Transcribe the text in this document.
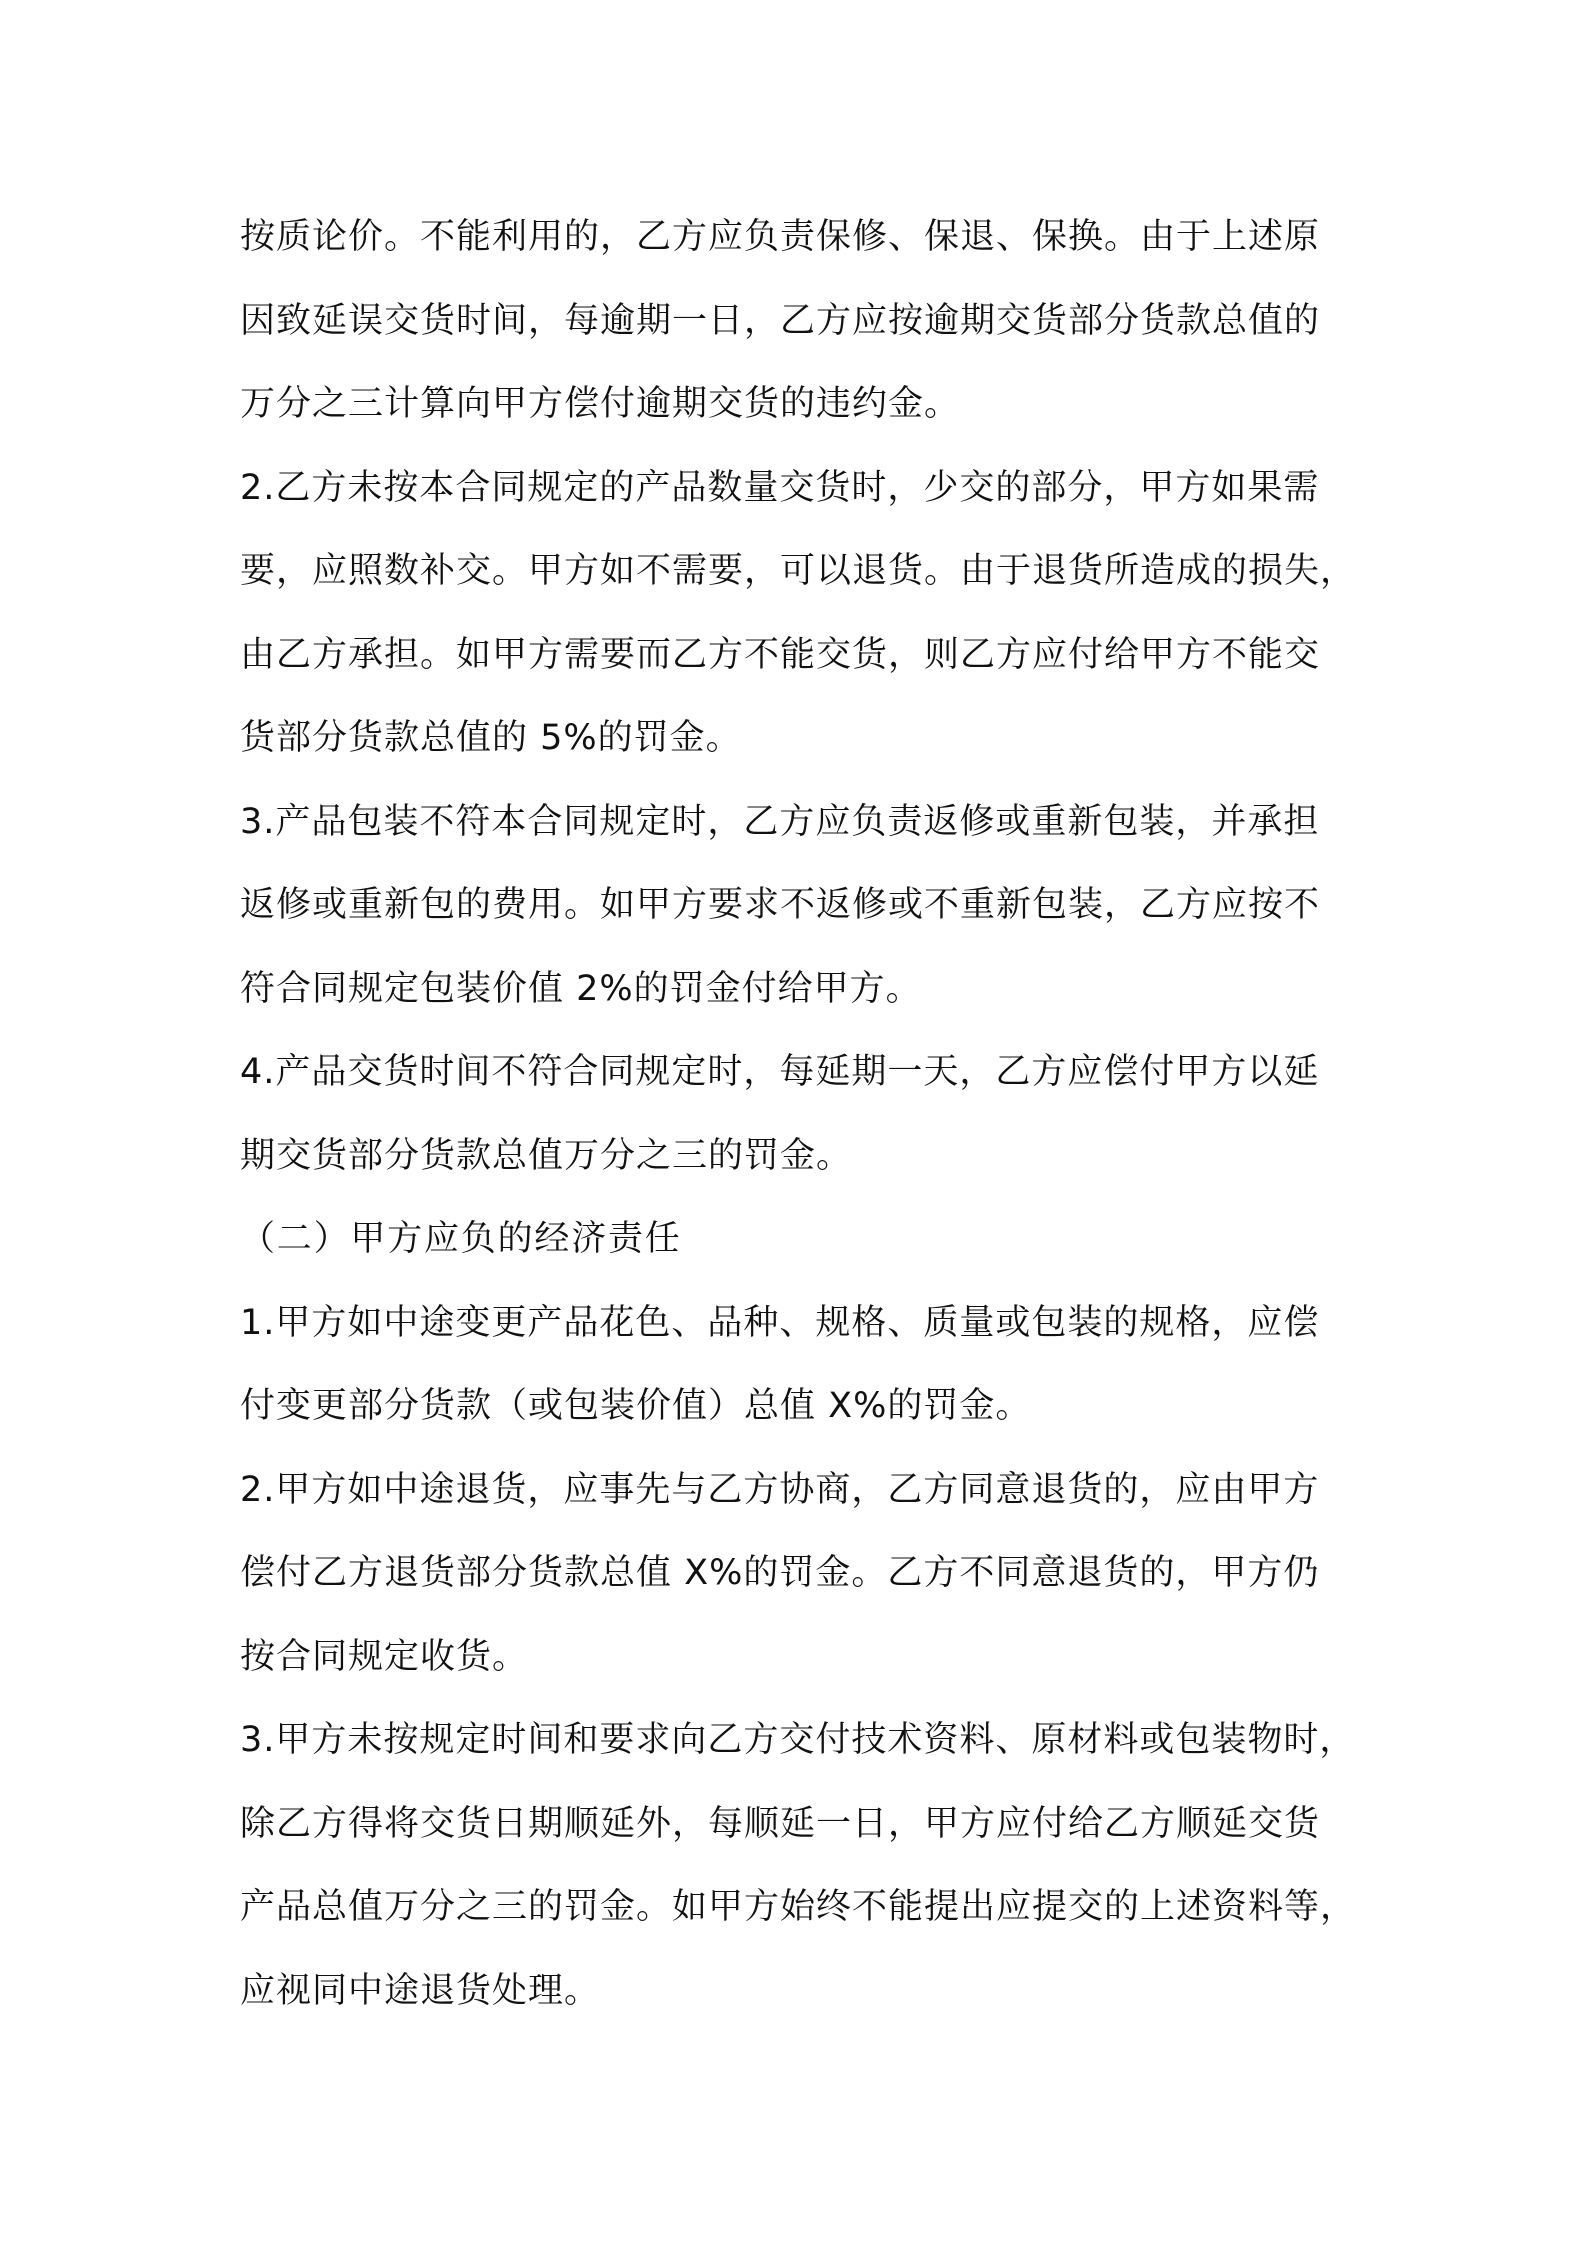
按质论价。不能利用的，乙方应负责保修、保退、保换。由于上述原
因致延误交货时间，每逾期一日，乙方应按逾期交货部分货款总值的
万分之三计算向甲方偿付逾期交货的违约金。
2.乙方未按本合同规定的产品数量交货时，少交的部分，甲方如果需
要，应照数补交。甲方如不需要，可以退货。由于退货所造成的损失，
由乙方承担。如甲方需要而乙方不能交货，则乙方应付给甲方不能交
货部分货款总值的 5%的罚金。
3.产品包装不符本合同规定时，乙方应负责返修或重新包装，并承担
返修或重新包的费用。如甲方要求不返修或不重新包装，乙方应按不
符合同规定包装价值 2%的罚金付给甲方。
4.产品交货时间不符合同规定时，每延期一天，乙方应偿付甲方以延
期交货部分货款总值万分之三的罚金。
（二）甲方应负的经济责任
1.甲方如中途变更产品花色、品种、规格、质量或包装的规格，应偿
付变更部分货款（或包装价值）总值 X%的罚金。
2.甲方如中途退货，应事先与乙方协商，乙方同意退货的，应由甲方
偿付乙方退货部分货款总值 X%的罚金。乙方不同意退货的，甲方仍
按合同规定收货。
3.甲方未按规定时间和要求向乙方交付技术资料、原材料或包装物时，
除乙方得将交货日期顺延外，每顺延一日，甲方应付给乙方顺延交货
产品总值万分之三的罚金。如甲方始终不能提出应提交的上述资料等，
应视同中途退货处理。
